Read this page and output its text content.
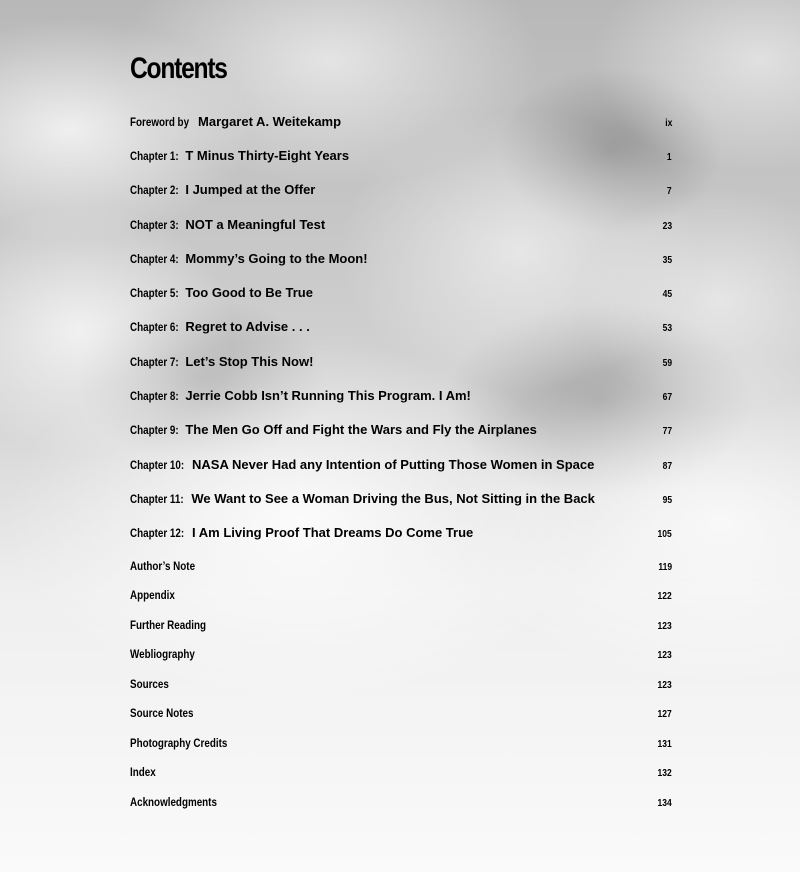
Contents
Foreword by Margaret A. Weitekamp	ix
Chapter 1: T Minus Thirty-Eight Years	1
Chapter 2: I Jumped at the Offer	7
Chapter 3: NOT a Meaningful Test	23
Chapter 4: Mommy’s Going to the Moon!	35
Chapter 5: Too Good to Be True	45
Chapter 6: Regret to Advise . . .	53
Chapter 7: Let’s Stop This Now!	59
Chapter 8: Jerrie Cobb Isn’t Running This Program. I Am!	67
Chapter 9: The Men Go Off and Fight the Wars and Fly the Airplanes	77
Chapter 10: NASA Never Had any Intention of Putting Those Women in Space	87
Chapter 11: We Want to See a Woman Driving the Bus, Not Sitting in the Back	95
Chapter 12: I Am Living Proof That Dreams Do Come True	105
Author’s Note	119
Appendix	122
Further Reading	123
Webliography	123
Sources	123
Source Notes	127
Photography Credits	131
Index	132
Acknowledgments	134
